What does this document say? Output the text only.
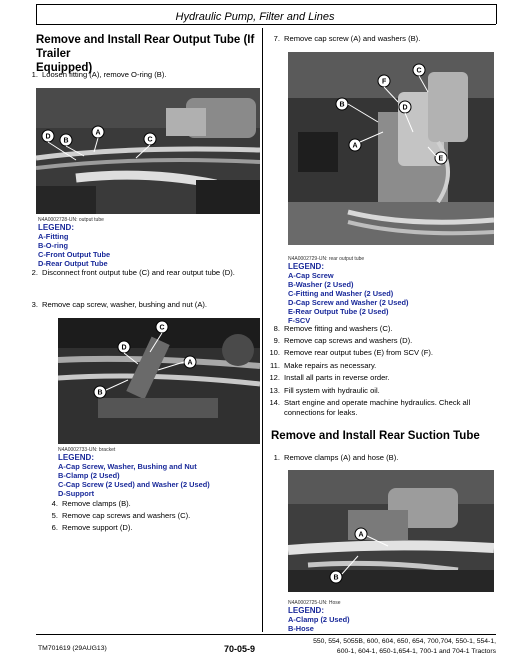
Hydraulic Pump, Filter and Lines
Remove and Install Rear Output Tube (If Trailer
Equipped)
1. Loosen fitting (A), remove O-ring (B).
D
B
A
C
N4A0002728-UN: output tube
LEGEND:
A-Fitting
B-O-ring
C-Front Output Tube
D-Rear Output Tube
2. Disconnect front output tube (C) and rear output tube (D).
3. Remove cap screw, washer, bushing and nut (A).
C
D
A
B
N4A0002733-UN: bracket
LEGEND:
A-Cap Screw, Washer, Bushing and Nut
B-Clamp (2 Used)
C-Cap Screw (2 Used) and Washer (2 Used)
D-Support
4. Remove clamps (B).
5. Remove cap screws and washers (C).
6. Remove support (D).
7. Remove cap screw (A) and washers (B).
C
F
B	D
A
E
N4A0002729-UN: rear output tube
LEGEND:
A-Cap Screw
B-Washer (2 Used)
C-Fitting and Washer (2 Used)
D-Cap Screw and Washer (2 Used)
E-Rear Output Tube (2 Used)
F-SCV
8. Remove fitting and washers (C).
9. Remove cap screws and washers (D).
10. Remove rear output tubes (E) from SCV (F).
11. Make repairs as necessary.
12. Install all parts in reverse order.
13. Fill system with hydraulic oil.
14. Start engine and operate machine hydraulics. Check all
connections for leaks.
Remove and Install Rear Suction Tube
1. Remove clamps (A) and hose (B).
A
B
N4A0002725-UN: Hose
LEGEND:
A-Clamp (2 Used)
B-Hose
TM701619 (29AUG13)	70-05-9
550, 554, 5055B, 600, 604, 650, 654, 700,704, 550-1, 554-1,
600-1, 604-1, 650-1,654-1, 700-1 and 704-1 Tractors
